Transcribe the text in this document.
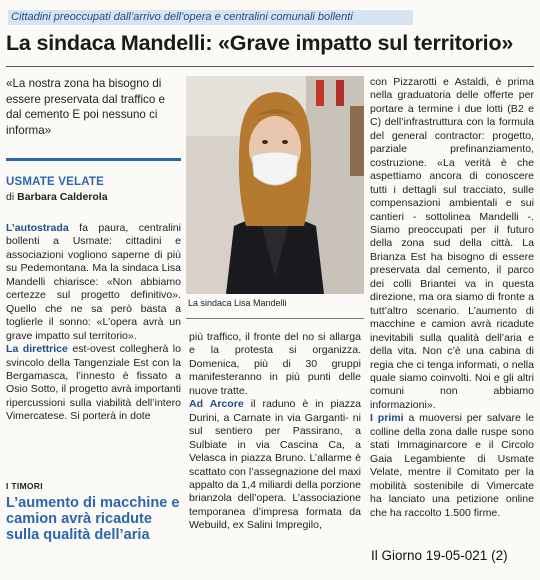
Cittadini preoccupati dall’arrivo dell’opera e centralini comunali bollenti
La sindaca Mandelli: «Grave impatto sul territorio»
«La nostra zona ha bisogno di essere preservata dal traffico e dal cemento E poi nessuno ci informa»
USMATE VELATE
di Barbara Calderola
La sindaca Lisa Mandelli

L’autostrada fa paura, centralini bollenti a Usmate: cittadini e associazioni vogliono saperne di più su Pedemontana. Ma la sindaca Lisa Mandelli chiarisce: «Non abbiamo certezze sul progetto definitivo». Quello che ne sa però basta a toglierle il sonno: «L’opera avrà un grave impatto sul territorio».

La direttrice est-ovest collegherà lo svincolo della Tangenziale Est con la Bergamasca, l’innesto è fissato a Osio Sotto, il progetto avrà importanti ripercussioni sulla viabilità dell’intero Vimercatese. Si porterà in dote

I TIMORI
L’aumento di macchine e camion avrà ricadute sulla qualità dell’aria

più traffico, il fronte del no si allarga e la protesta si organizza. Domenica, più di 30 gruppi manifesteranno in più punti delle nuove tratte.

Ad Arcore il raduno è in piazza Durini, a Carnate in via Garganti- ni sul sentiero per Passirano, a Sulbiate in via Cascina Ca, a Velasca in piazza Bruno. L’allarme è scattato con l’assegnazione del maxi appalto da 1,4 miliardi della porzione brianzola dell’opera. L’associazione temporanea d’impresa formata da Webuild, ex Salini Impregilo,

con Pizzarotti e Astaldi, è prima nella graduatoria delle offerte per portare a termine i due lotti (B2 e C) dell’infrastruttura con la formula del general contractor: progetto, parziale prefinanziamento, costruzione. «La verità è che aspettiamo ancora di conoscere tutti i dettagli sul tracciato, sulle compensazioni ambientali e sui cantieri - sottolinea Mandelli -. Siamo preoccupati per il futuro della zona sud della città. La Brianza Est ha bisogno di essere preservata dal cemento, il parco dei colli Briantei va in questa direzione, ma ora siamo di fronte a tutt’altro scenario. L’aumento di macchine e camion avrà ricadute inevitabili sulla qualità dell’aria e della vita. Non c’è una cabina di regia che ci tenga informati, o nella quale siamo coinvolti. Noi e gli altri comuni non abbiamo informazioni».

I primi a muoversi per salvare le colline della zona dalle ruspe sono stati Immaginarcore e il Circolo Gaia Legambiente di Usmate Velate, mentre il Comitato per la mobilità sostenibile di Vimercate ha lanciato una petizione online che ha raccolto 1.500 firme.

Il Giorno 19-05-021 (2)
